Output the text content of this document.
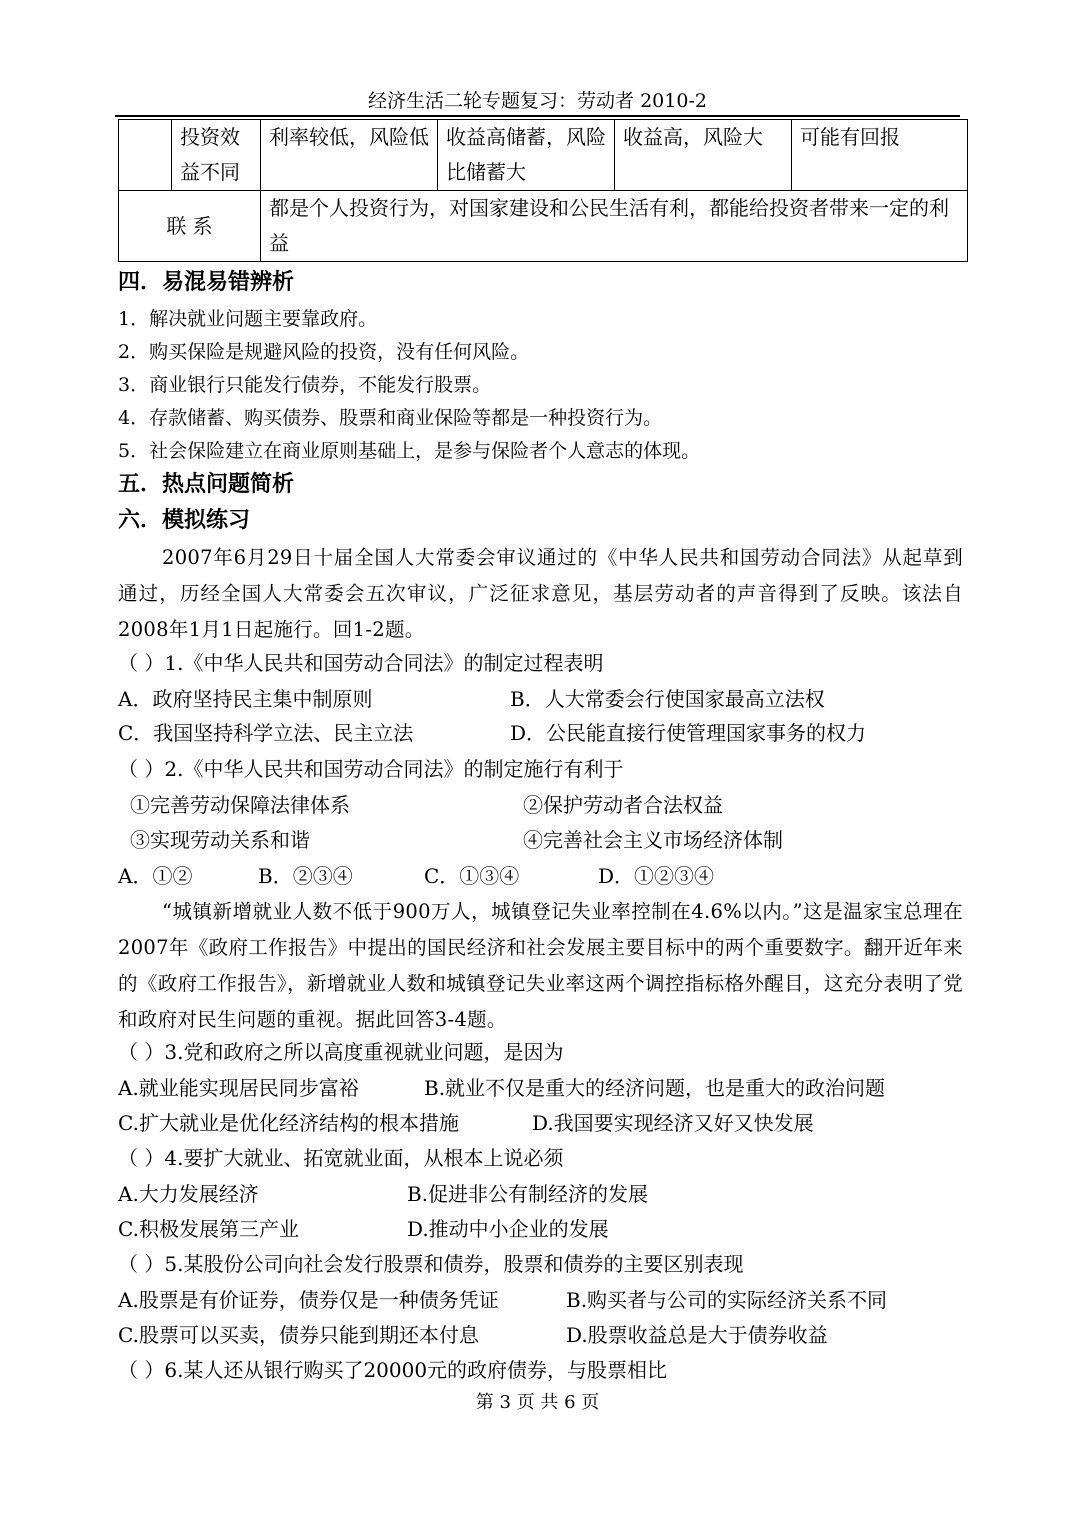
经济生活二轮专题复习：劳动者 2010-2
	投资效益不同	利率较低，风险低	收益高储蓄，风险比储蓄大	收益高，风险大	可能有回报
联 系		都是个人投资行为，对国家建设和公民生活有利，都能给投资者带来一定的利益			
四．易混易错辨析
1．解决就业问题主要靠政府。
2．购买保险是规避风险的投资，没有任何风险。
3．商业银行只能发行债券，不能发行股票。
4．存款储蓄、购买债券、股票和商业保险等都是一种投资行为。
5．社会保险建立在商业原则基础上，是参与保险者个人意志的体现。
五．热点问题简析
六．模拟练习
2007年6月29日十届全国人大常委会审议通过的《中华人民共和国劳动合同法》从起草到通过，历经全国人大常委会五次审议，广泛征求意见，基层劳动者的声音得到了反映。该法自2008年1月1日起施行。回1-2题。
（ ）1.《中华人民共和国劳动合同法》的制定过程表明
A．政府坚持民主集中制原则	B．人大常委会行使国家最高立法权
C．我国坚持科学立法、民主立法	D．公民能直接行使管理国家事务的权力
（ ）2.《中华人民共和国劳动合同法》的制定施行有利于
①完善劳动保障法律体系	②保护劳动者合法权益
③实现劳动关系和谐	④完善社会主义市场经济体制
A．①②	B．②③④	C．①③④	D．①②③④
“城镇新增就业人数不低于900万人，城镇登记失业率控制在4.6%以内。”这是温家宝总理在2007年《政府工作报告》中提出的国民经济和社会发展主要目标中的两个重要数字。翻开近年来的《政府工作报告》，新增就业人数和城镇登记失业率这两个调控指标格外醒目，这充分表明了党和政府对民生问题的重视。据此回答3-4题。
（ ）3.党和政府之所以高度重视就业问题，是因为
A.就业能实现居民同步富裕	B.就业不仅是重大的经济问题，也是重大的政治问题
C.扩大就业是优化经济结构的根本措施	D.我国要实现经济又好又快发展
（ ）4.要扩大就业、拓宽就业面，从根本上说必须
A.大力发展经济	B.促进非公有制经济的发展
C.积极发展第三产业	D.推动中小企业的发展
（ ）5.某股份公司向社会发行股票和债券，股票和债券的主要区别表现
A.股票是有价证券，债券仅是一种债务凭证	B.购买者与公司的实际经济关系不同
C.股票可以买卖，债券只能到期还本付息	D.股票收益总是大于债券收益
（ ）6.某人还从银行购买了20000元的政府债券，与股票相比
第 3 页 共 6 页
